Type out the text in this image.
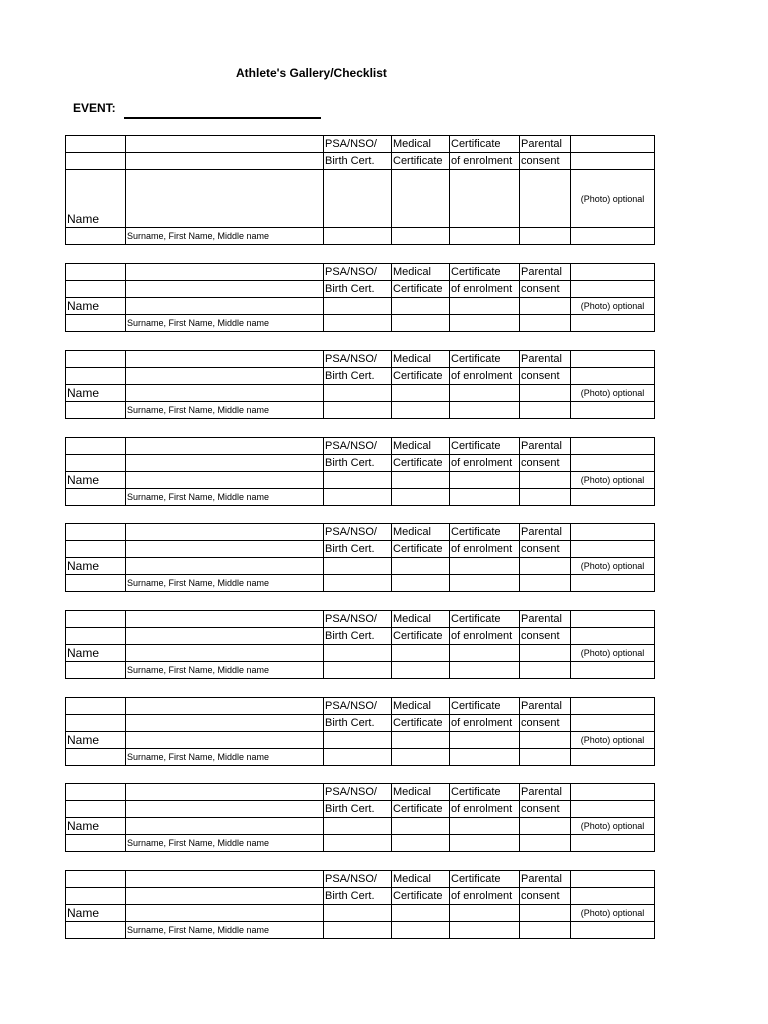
Athlete's Gallery/Checklist
EVENT:
		PSA/NSO/	Medical	Certificate	Parental	
		Birth Cert.	Certificate	of enrolment	consent	
Name						(Photo) optional
	Surname, First Name, Middle name					
		PSA/NSO/	Medical	Certificate	Parental	
		Birth Cert.	Certificate	of enrolment	consent	
Name						(Photo) optional
	Surname, First Name, Middle name					
		PSA/NSO/	Medical	Certificate	Parental	
		Birth Cert.	Certificate	of enrolment	consent	
Name						(Photo) optional
	Surname, First Name, Middle name					
		PSA/NSO/	Medical	Certificate	Parental	
		Birth Cert.	Certificate	of enrolment	consent	
Name						(Photo) optional
	Surname, First Name, Middle name					
		PSA/NSO/	Medical	Certificate	Parental	
		Birth Cert.	Certificate	of enrolment	consent	
Name						(Photo) optional
	Surname, First Name, Middle name					
		PSA/NSO/	Medical	Certificate	Parental	
		Birth Cert.	Certificate	of enrolment	consent	
Name						(Photo) optional
	Surname, First Name, Middle name					
		PSA/NSO/	Medical	Certificate	Parental	
		Birth Cert.	Certificate	of enrolment	consent	
Name						(Photo) optional
	Surname, First Name, Middle name					
		PSA/NSO/	Medical	Certificate	Parental	
		Birth Cert.	Certificate	of enrolment	consent	
Name						(Photo) optional
	Surname, First Name, Middle name					
		PSA/NSO/	Medical	Certificate	Parental	
		Birth Cert.	Certificate	of enrolment	consent	
Name						(Photo) optional
	Surname, First Name, Middle name					
